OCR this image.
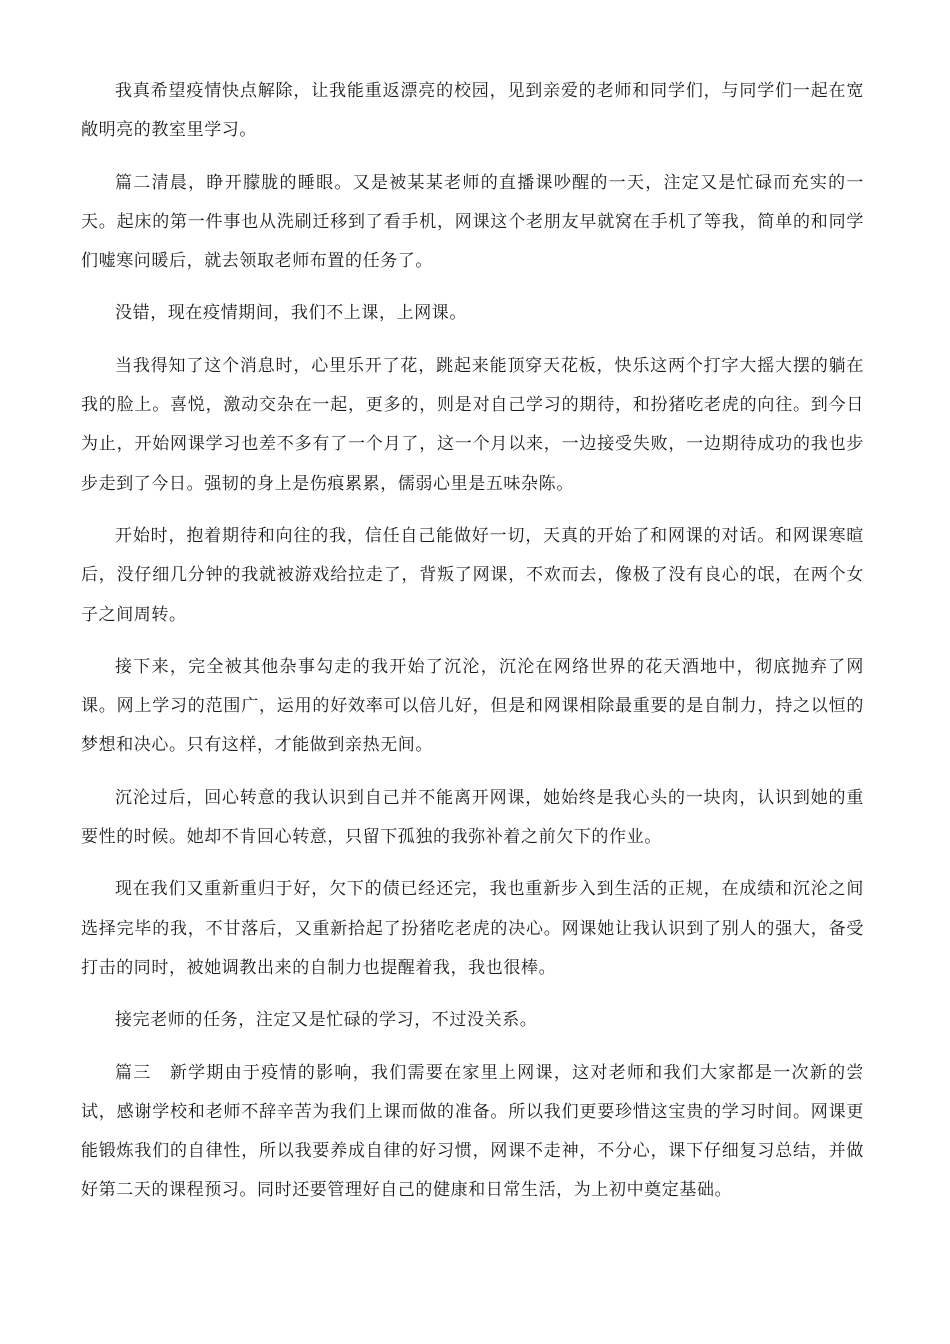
我真希望疫情快点解除，让我能重返漂亮的校园，见到亲爱的老师和同学们，与同学们一起在宽敞明亮的教室里学习。

篇二清晨，睁开朦胧的睡眼。又是被某某老师的直播课吵醒的一天，注定又是忙碌而充实的一天。起床的第一件事也从洗刷迁移到了看手机，网课这个老朋友早就窝在手机了等我，简单的和同学们嘘寒问暖后，就去领取老师布置的任务了。

没错，现在疫情期间，我们不上课，上网课。

当我得知了这个消息时，心里乐开了花，跳起来能顶穿天花板，快乐这两个打字大摇大摆的躺在我的脸上。喜悦，激动交杂在一起，更多的，则是对自己学习的期待，和扮猪吃老虎的向往。到今日为止，开始网课学习也差不多有了一个月了，这一个月以来，一边接受失败，一边期待成功的我也步步走到了今日。强韧的身上是伤痕累累，儒弱心里是五味杂陈。

开始时，抱着期待和向往的我，信任自己能做好一切，天真的开始了和网课的对话。和网课寒暄后，没仔细几分钟的我就被游戏给拉走了，背叛了网课，不欢而去，像极了没有良心的氓，在两个女子之间周转。

接下来，完全被其他杂事勾走的我开始了沉沦，沉沦在网络世界的花天酒地中，彻底抛弃了网课。网上学习的范围广，运用的好效率可以倍儿好，但是和网课相除最重要的是自制力，持之以恒的梦想和决心。只有这样，才能做到亲热无间。

沉沦过后，回心转意的我认识到自己并不能离开网课，她始终是我心头的一块肉，认识到她的重要性的时候。她却不肯回心转意，只留下孤独的我弥补着之前欠下的作业。

现在我们又重新重归于好，欠下的债已经还完，我也重新步入到生活的正规，在成绩和沉沦之间选择完毕的我，不甘落后，又重新拾起了扮猪吃老虎的决心。网课她让我认识到了别人的强大，备受打击的同时，被她调教出来的自制力也提醒着我，我也很棒。

接完老师的任务，注定又是忙碌的学习，不过没关系。

篇三　新学期由于疫情的影响，我们需要在家里上网课，这对老师和我们大家都是一次新的尝试，感谢学校和老师不辞辛苦为我们上课而做的准备。所以我们更要珍惜这宝贵的学习时间。网课更能锻炼我们的自律性，所以我要养成自律的好习惯，网课不走神，不分心，课下仔细复习总结，并做好第二天的课程预习。同时还要管理好自己的健康和日常生活，为上初中奠定基础。
